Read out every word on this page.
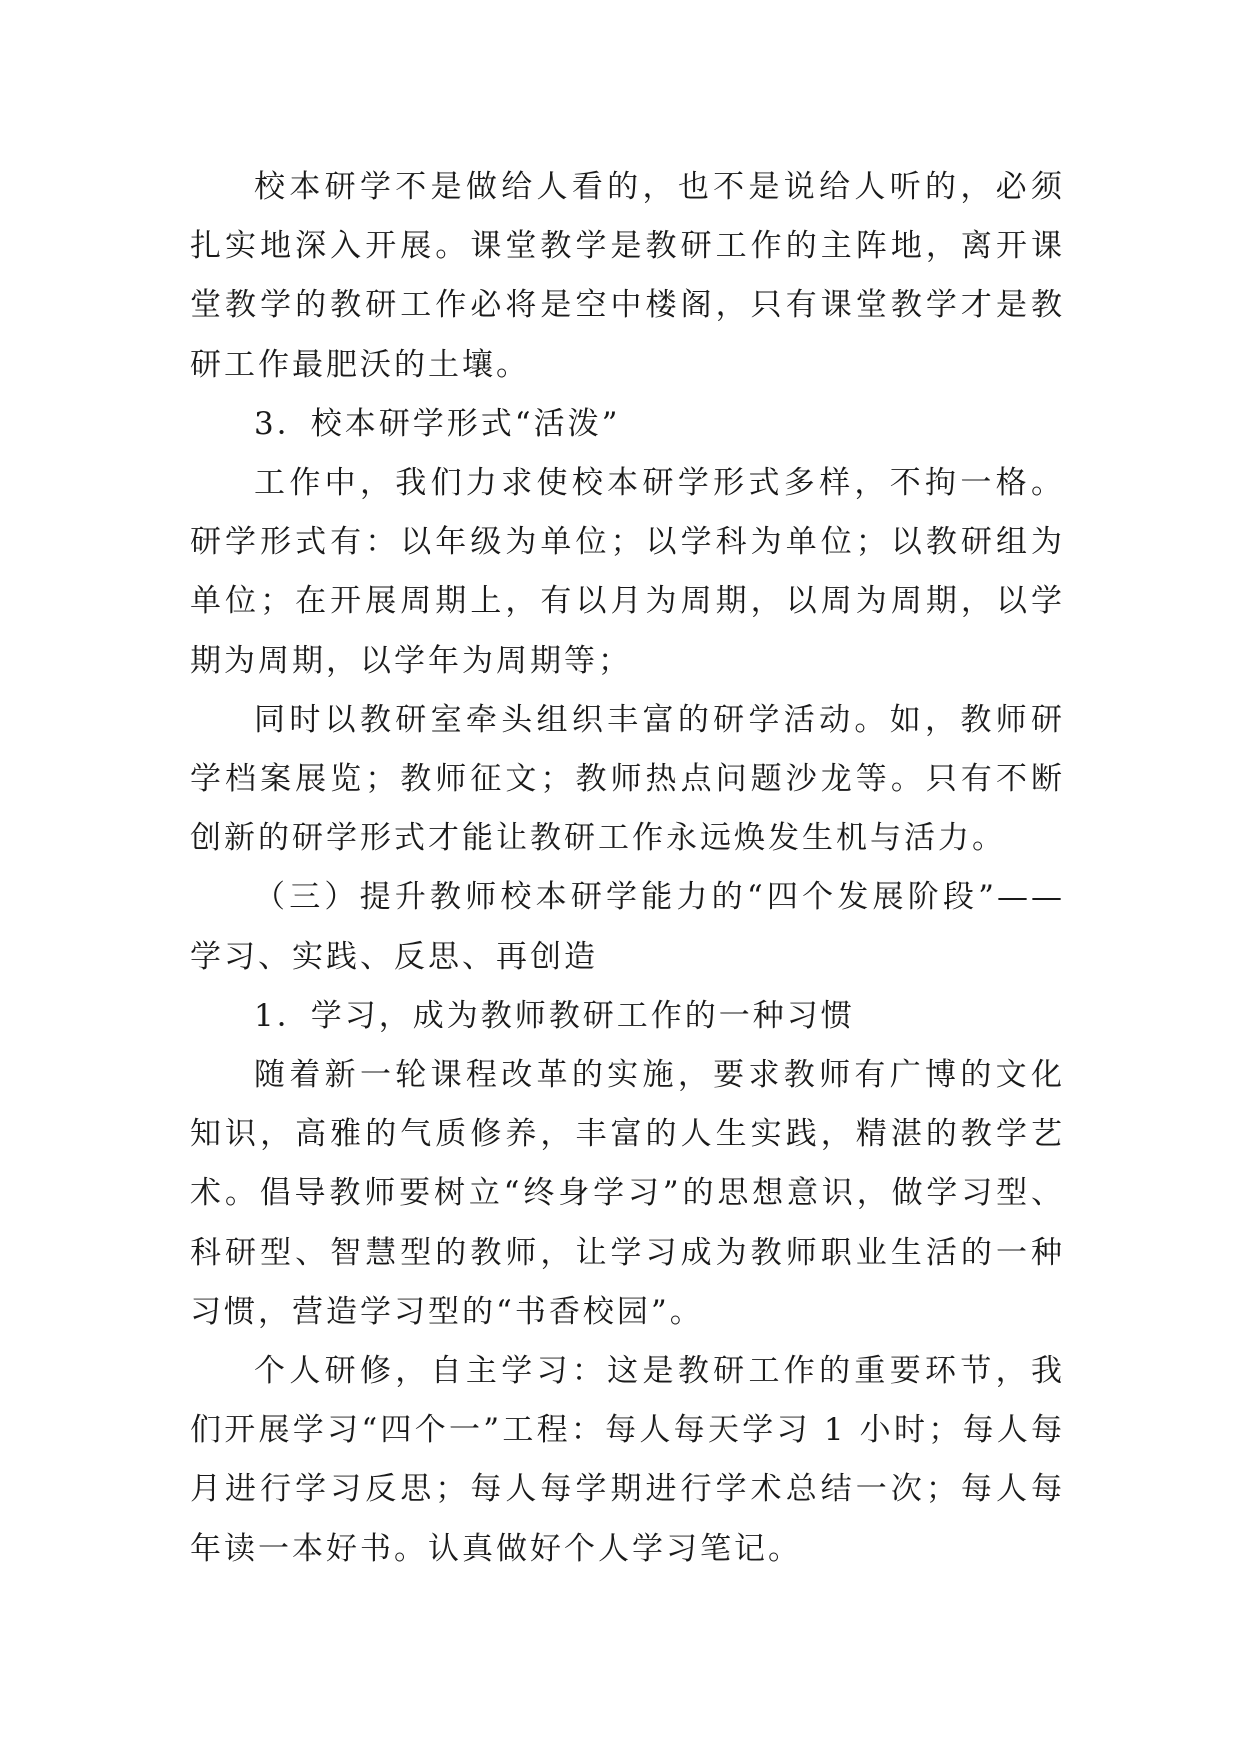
校本研学不是做给人看的，也不是说给人听的，必须扎实地深入开展。课堂教学是教研工作的主阵地，离开课堂教学的教研工作必将是空中楼阁，只有课堂教学才是教研工作最肥沃的土壤。

3．校本研学形式“活泼”

工作中，我们力求使校本研学形式多样，不拘一格。研学形式有：以年级为单位；以学科为单位；以教研组为单位；在开展周期上，有以月为周期，以周为周期，以学期为周期，以学年为周期等；

同时以教研室牵头组织丰富的研学活动。如，教师研学档案展览；教师征文；教师热点问题沙龙等。只有不断创新的研学形式才能让教研工作永远焕发生机与活力。

（三）提升教师校本研学能力的“四个发展阶段”——学习、实践、反思、再创造

1．学习，成为教师教研工作的一种习惯

随着新一轮课程改革的实施，要求教师有广博的文化知识，高雅的气质修养，丰富的人生实践，精湛的教学艺术。倡导教师要树立“终身学习”的思想意识，做学习型、科研型、智慧型的教师，让学习成为教师职业生活的一种习惯，营造学习型的“书香校园”。

个人研修，自主学习：这是教研工作的重要环节，我们开展学习“四个一”工程：每人每天学习 1 小时；每人每月进行学习反思；每人每学期进行学术总结一次；每人每年读一本好书。认真做好个人学习笔记。
